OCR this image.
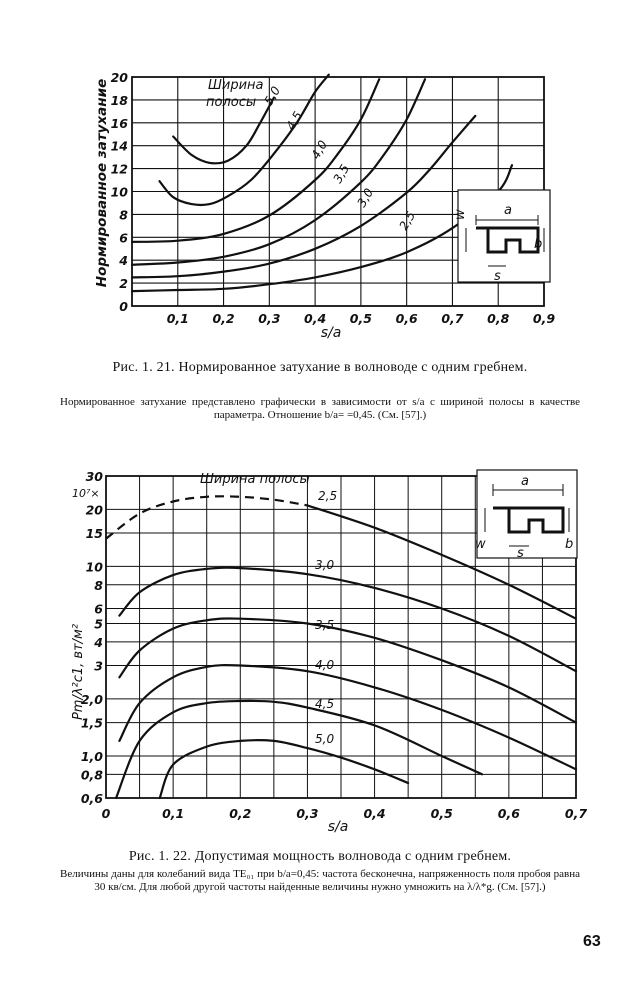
0,1 0,2 0,3 0,4 0,5 0,6 0,7 0,8 0,9
0
2
4
6
8
10
12
14
16
18
20
5,0
4,5
4,0
3,5
3,0
2,5
Нормированное затухание
s/a
Ширина
полосы
a
w
b
s
Рис. 1. 21. Нормированное затухание в волноводе с одним гребнем.
Нормированное затухание представлено графически в зависимости от s/a с шириной полосы в качестве параметра. Отношение b/a= =0,45. (См. [57].)
0	0,1	0,2	0,3	0,4	0,5	0,6	0,7
0,6
0,8
1,0
1,5
2,0
3
4
5
6
8
10
15
20
30
2,5
3,0
3,5
4,0
4,5
5,0
Pm/λ²c1, вт/м²
10⁷×
s/a
Ширина полосы	a
w	b
s
Рис. 1. 22. Допустимая мощность волновода с одним гребнем.
Величины даны для колебаний вида TE₀₁ при b/a=0,45: частота бесконечна, напряженность поля пробоя равна 30 кв/см. Для любой другой частоты найденные величины нужно умножить на λ/λ*g. (См. [57].)
63
